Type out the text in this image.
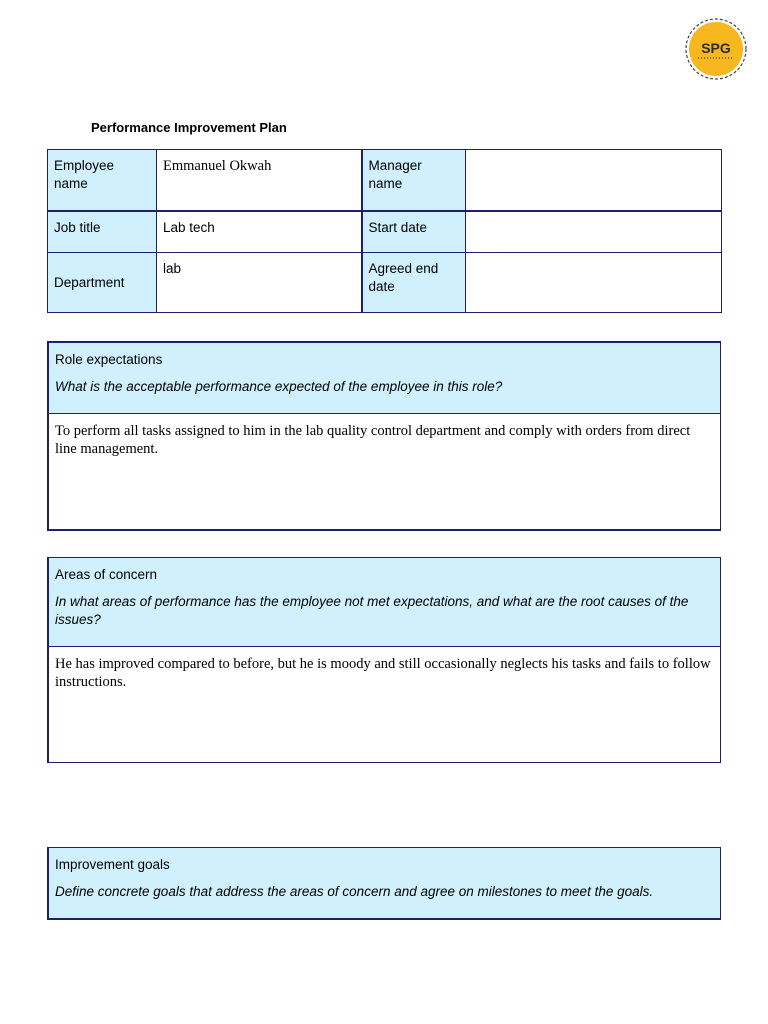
SPG
Performance Improvement Plan
Employee name	Emmanuel Okwah	Manager name	
Job title	Lab tech	Start date	
Department	lab	Agreed end date	
Role expectations
What is the acceptable performance expected of the employee in this role?
To perform all tasks assigned to him in the lab quality control department and comply with orders from direct line management.
Areas of concern
In what areas of performance has the employee not met expectations, and what are the root causes of the issues?
He has improved compared to before, but he is moody and still occasionally neglects his tasks and fails to follow instructions.
Improvement goals
Define concrete goals that address the areas of concern and agree on milestones to meet the goals.
